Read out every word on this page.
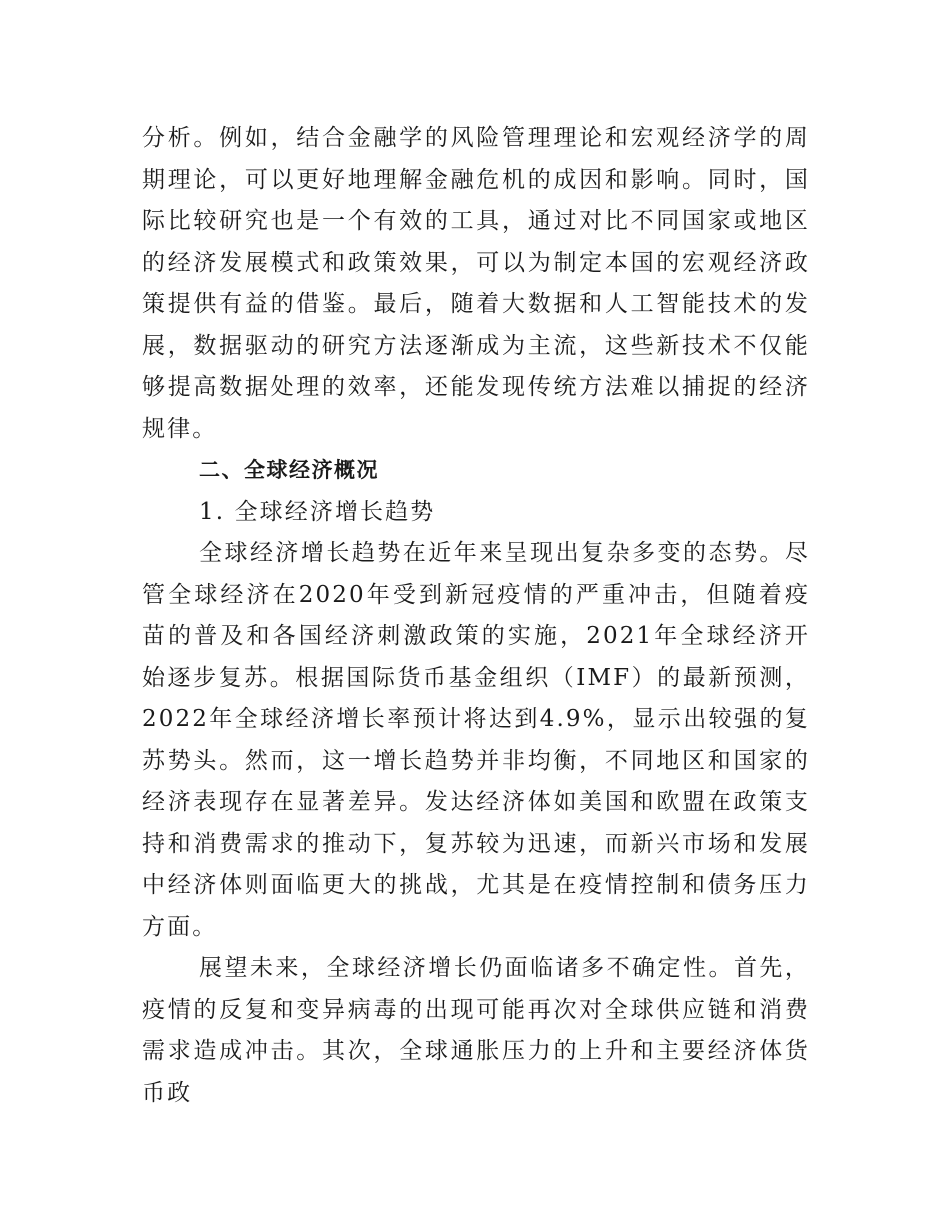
分析。例如，结合金融学的风险管理理论和宏观经济学的周期理论，可以更好地理解金融危机的成因和影响。同时，国际比较研究也是一个有效的工具，通过对比不同国家或地区的经济发展模式和政策效果，可以为制定本国的宏观经济政策提供有益的借鉴。最后，随着大数据和人工智能技术的发展，数据驱动的研究方法逐渐成为主流，这些新技术不仅能够提高数据处理的效率，还能发现传统方法难以捕捉的经济规律。

二、全球经济概况

1. 全球经济增长趋势

全球经济增长趋势在近年来呈现出复杂多变的态势。尽管全球经济在2020年受到新冠疫情的严重冲击，但随着疫苗的普及和各国经济刺激政策的实施，2021年全球经济开始逐步复苏。根据国际货币基金组织（IMF）的最新预测，2022年全球经济增长率预计将达到4.9%，显示出较强的复苏势头。然而，这一增长趋势并非均衡，不同地区和国家的经济表现存在显著差异。发达经济体如美国和欧盟在政策支持和消费需求的推动下，复苏较为迅速，而新兴市场和发展中经济体则面临更大的挑战，尤其是在疫情控制和债务压力方面。

展望未来，全球经济增长仍面临诸多不确定性。首先，疫情的反复和变异病毒的出现可能再次对全球供应链和消费需求造成冲击。其次，全球通胀压力的上升和主要经济体货币政
